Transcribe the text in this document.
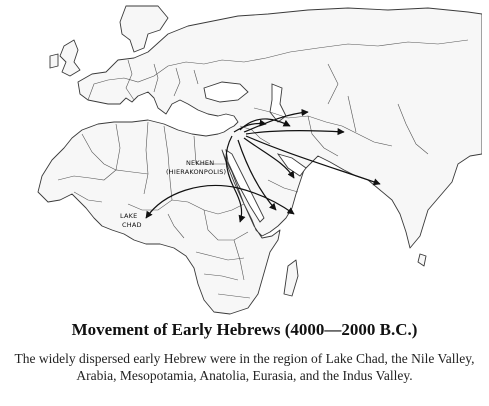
NEKHEN
(HIERAKONPOLIS)
LAKE
CHAD
Movement of Early Hebrews (4000—2000 B.C.)
The widely dispersed early Hebrew were in the region of Lake Chad, the Nile Valley, Arabia, Mesopotamia, Anatolia, Eurasia, and the Indus Valley.
